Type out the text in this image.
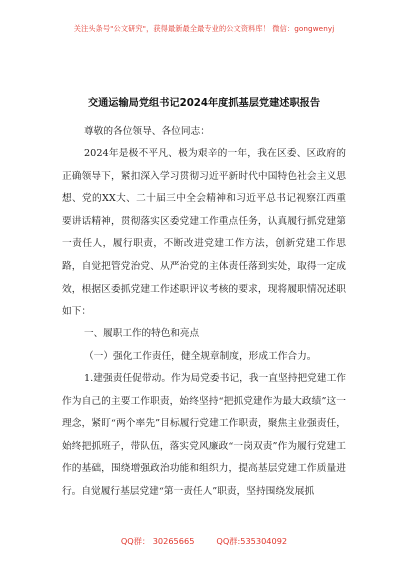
关注头条号"公文研究"，获得最新最全最专业的公文资料库！ 微信：gongwenyj
交通运输局党组书记2024年度抓基层党建述职报告
尊敬的各位领导、各位同志：
2024年是极不平凡、极为艰辛的一年，我在区委、区政府的正确领导下，紧扣深入学习贯彻习近平新时代中国特色社会主义思想、党的XX大、二十届三中全会精神和习近平总书记视察江西重要讲话精神，贯彻落实区委党建工作重点任务，认真履行抓党建第一责任人，履行职责，不断改进党建工作方法，创新党建工作思路，自觉把管党治党、从严治党的主体责任落到实处，取得一定成效，根据区委抓党建工作述职评议考核的要求，现将履职情况述职如下：
一、履职工作的特色和亮点
（一）强化工作责任，健全规章制度，形成工作合力。
1.建强责任促带动。作为局党委书记，我一直坚持把党建工作作为自己的主要工作职责，始终坚持“把抓党建作为最大政绩”这一理念，紧盯“两个率先”目标履行党建工作职责，聚焦主业强责任，始终把抓班子，带队伍，落实党风廉政“一岗双责”作为履行党建工作的基础，围绕增强政治功能和组织力，提高基层党建工作质量进行。自觉履行基层党建“第一责任人”职责，坚持围绕发展抓
QQ群： 30265665	QQ群:535304092
